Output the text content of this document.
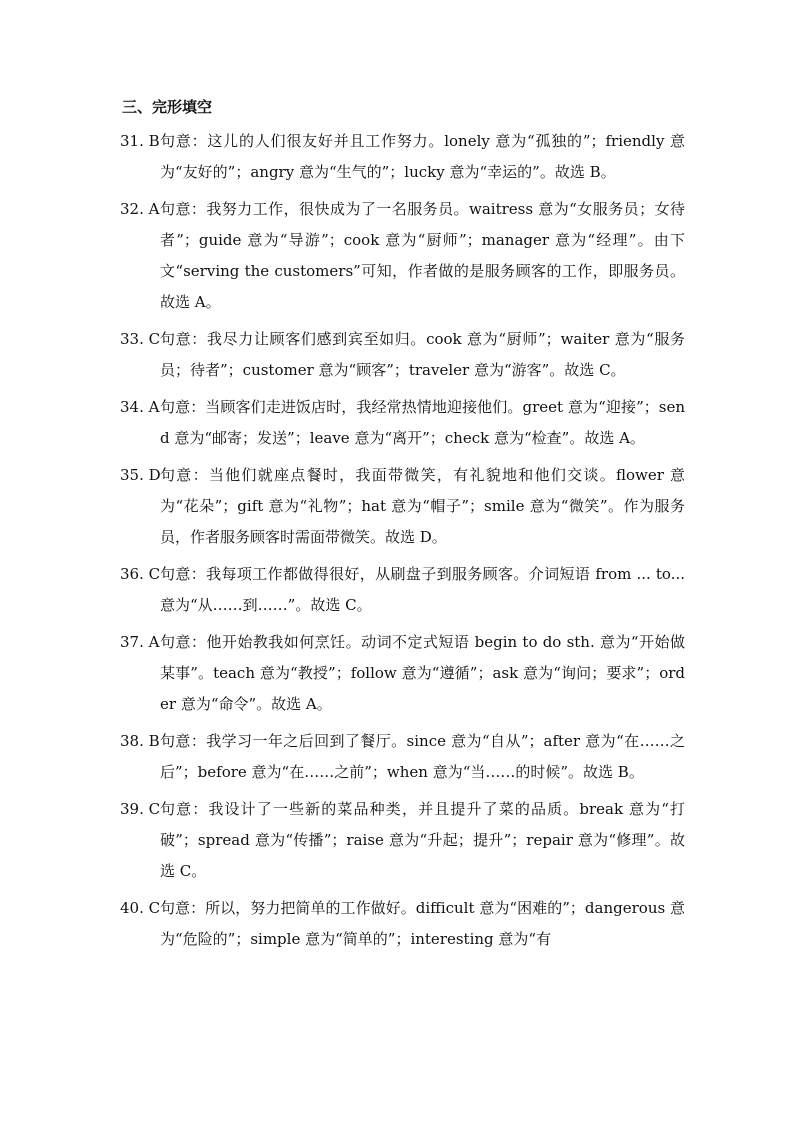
三、完形填空
31. B 句意：这儿的人们很友好并且工作努力。lonely 意为“孤独的”；friendly 意为“友好的”；angry 意为“生气的”；lucky 意为“幸运的”。故选 B。
32. A 句意：我努力工作，很快成为了一名服务员。waitress 意为“女服务员；女待者”；guide 意为“导游”；cook 意为“厨师”；manager 意为“经理”。由下文“serving the customers”可知，作者做的是服务顾客的工作，即服务员。故选 A。
33. C 句意：我尽力让顾客们感到宾至如归。cook 意为“厨师”；waiter 意为“服务员；待者”；customer 意为“顾客”；traveler 意为“游客”。故选 C。
34. A 句意：当顾客们走进饭店时，我经常热情地迎接他们。greet 意为“迎接”；send 意为“邮寄；发送”；leave 意为“离开”；check 意为“检查”。故选 A。
35. D 句意：当他们就座点餐时，我面带微笑，有礼貌地和他们交谈。flower 意为“花朵”；gift 意为“礼物”；hat 意为“帽子”；smile 意为“微笑”。作为服务员，作者服务顾客时需面带微笑。故选 D。
36. C 句意：我每项工作都做得很好，从刷盘子到服务顾客。介词短语 from ... to... 意为“从……到……”。故选 C。
37. A 句意：他开始教我如何烹饪。动词不定式短语 begin to do sth. 意为“开始做某事”。teach 意为“教授”；follow 意为“遵循”；ask 意为“询问；要求”；order 意为“命令”。故选 A。
38. B 句意：我学习一年之后回到了餐厅。since 意为“自从”；after 意为“在……之后”；before 意为“在……之前”；when 意为“当……的时候”。故选 B。
39. C 句意：我设计了一些新的菜品种类，并且提升了菜的品质。break 意为“打破”；spread 意为“传播”；raise 意为“升起；提升”；repair 意为“修理”。故选 C。
40. C 句意：所以，努力把简单的工作做好。difficult 意为“困难的”；dangerous 意为“危险的”；simple 意为“简单的”；interesting 意为“有
